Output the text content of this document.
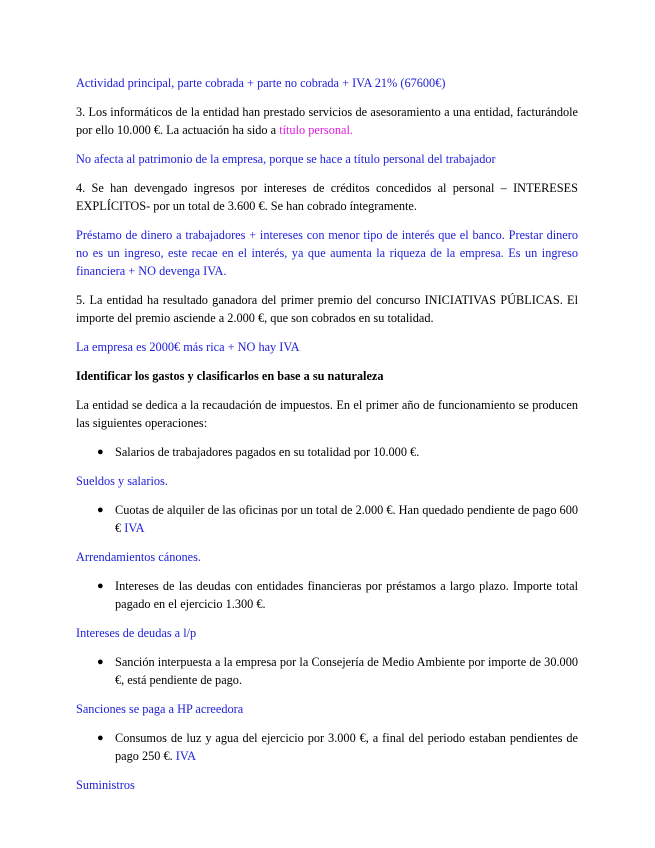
Actividad principal, parte cobrada + parte no cobrada + IVA 21% (67600€)

3. Los informáticos de la entidad han prestado servicios de asesoramiento a una entidad, facturándole por ello 10.000 €. La actuación ha sido a título personal.

No afecta al patrimonio de la empresa, porque se hace a título personal del trabajador

4. Se han devengado ingresos por intereses de créditos concedidos al personal – INTERESES EXPLÍCITOS- por un total de 3.600 €. Se han cobrado íntegramente.

Préstamo de dinero a trabajadores + intereses con menor tipo de interés que el banco. Prestar dinero no es un ingreso, este recae en el interés, ya que aumenta la riqueza de la empresa. Es un ingreso financiera + NO devenga IVA.

5. La entidad ha resultado ganadora del primer premio del concurso INICIATIVAS PÚBLICAS. El importe del premio asciende a 2.000 €, que son cobrados en su totalidad.

La empresa es 2000€ más rica + NO hay IVA

Identificar los gastos y clasificarlos en base a su naturaleza

La entidad se dedica a la recaudación de impuestos. En el primer año de funcionamiento se producen las siguientes operaciones:

● Salarios de trabajadores pagados en su totalidad por 10.000 €.

Sueldos y salarios.

● Cuotas de alquiler de las oficinas por un total de 2.000 €. Han quedado pendiente de pago 600 € IVA

Arrendamientos cánones.

● Intereses de las deudas con entidades financieras por préstamos a largo plazo. Importe total pagado en el ejercicio 1.300 €.

Intereses de deudas a l/p

● Sanción interpuesta a la empresa por la Consejería de Medio Ambiente por importe de 30.000 €, está pendiente de pago.

Sanciones se paga a HP acreedora

● Consumos de luz y agua del ejercicio por 3.000 €, a final del periodo estaban pendientes de pago 250 €. IVA

Suministros
